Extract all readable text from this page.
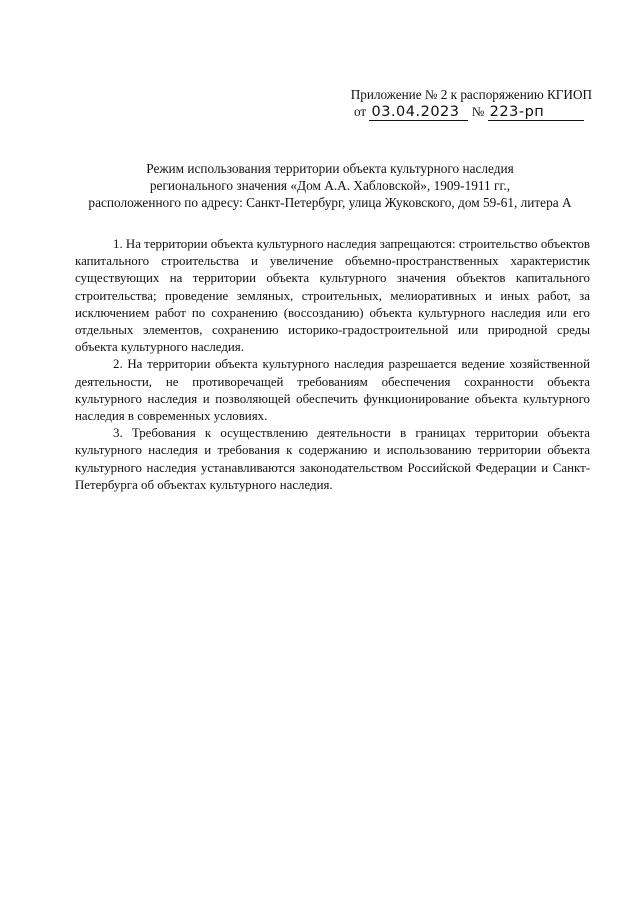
Приложение № 2 к распоряжению КГИОП
от 03.04.2023 № 223-рп
Режим использования территории объекта культурного наследия
регионального значения «Дом А.А. Хабловской», 1909-1911 гг.,
расположенного по адресу: Санкт-Петербург, улица Жуковского, дом 59-61, литера А

1. На территории объекта культурного наследия запрещаются: строительство объектов капитального строительства и увеличение объемно-пространственных характеристик существующих на территории объекта культурного значения объектов капитального строительства; проведение земляных, строительных, мелиоративных и иных работ, за исключением работ по сохранению (воссозданию) объекта культурного наследия или его отдельных элементов, сохранению историко-градостроительной или природной среды объекта культурного наследия.

2. На территории объекта культурного наследия разрешается ведение хозяйственной деятельности, не противоречащей требованиям обеспечения сохранности объекта культурного наследия и позволяющей обеспечить функционирование объекта культурного наследия в современных условиях.

3. Требования к осуществлению деятельности в границах территории объекта культурного наследия и требования к содержанию и использованию территории объекта культурного наследия устанавливаются законодательством Российской Федерации и Санкт-Петербурга об объектах культурного наследия.
